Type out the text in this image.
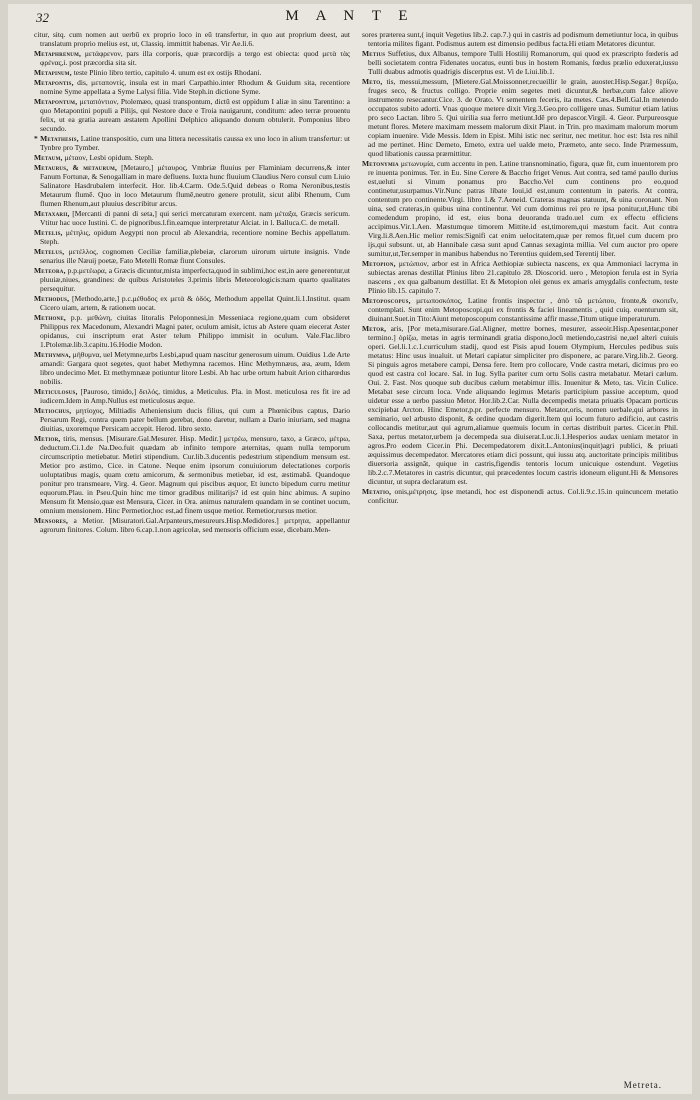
32	M A N T E

citur, sitq. cum nomen aut uerbū ex proprio loco in eū transfertur, in quo aut proprium deest, aut translatum proprio melius est, ut, Classiq. immittit habenas. Vir Ae.li.6.

Metaphrenum, μετάφρενον, pars illa corporis, quæ præcordijs a tergo est obiecta: quod μετὰ τὰς φρένας,i. post præcordia sita sit.

Metapinum, teste Plinio libro tertio, capitulo 4. unum est ex ostijs Rhodani.

Metapontis, dis, μεταποντίς, insula est in mari Carpathio.inter Rhodum & Guidum sita, recentiore nomine Syme appellata a Syme Lalysi filia. Vide Steph.in dictione Syme.

Metapontum, μεταπόντιον, Ptolemæo, quasi transpontum, dictū est oppidum I aliæ in sinu Tarentino: a quo Metapontini populi a Pilijs, qui Nestore duce e Troia nauigarunt, conditum: adeo terræ prouentu felix, ut ea gratia auream æstatem Apollini Delphico aliquando donum obtulerit. Pomponius libro secundo.

* Metathesis, Latine transpositio, cum una littera necessitatis caussa ex uno loco in alium transfertur: ut Tynbre pro Tymber.

Metaum, μέταον, Lesbi opidum. Steph.

Metaurus, & metaurum, [Metauro,] μέταυρος, Vmbriæ fluuius per Flaminiam decurrens,& inter Fanum Fortunæ, & Senogalliam in mare defluens. Iuxta hunc fluuium Claudius Nero consul cum Liuio Salinatore Hasdrubalem interfecit. Hor. lib.4.Carm. Ode.5.Quid debeas o Roma Neronibus,testis Metaurum flumē. Quo in loco Metaurum flumē,neutro genere protulit, sicut alibi Rhenum, Cum flumen Rhenum,aut pluuius describitur arcus.

Metaxarii, [Mercanti di panni di seta,] qui serici mercaturam exercent. nam μέταξα, Græcis sericum. Vtitur hac uoce Iustini. C. de pignoribus.l.fin.eamque interpretatur Alciat. in l. Balluca.C. de metall.

Metelis, μέτηλις, opidum Aegypti non procul ab Alexandria, recentiore nomine Bechis appellatum. Steph.

Metelus, μετέλλος, cognomen Ceciliæ familiæ,plebeiæ, clarorum uirorum uirtute insignis. Vnde senarius ille Næuij poetæ, Fato Metelli Romæ fiunt Consules.

Meteora, p.p.μετέωρα, a Græcis dicuntur,mista imperfecta,quod in sublimi,hoc est,in aere generentur,ut pluuiæ,niues, grandines: de quibus Aristoteles 3.primis libris Meteorologicis:nam quarto qualitates persequitur.

Methodus, [Methodo,arte,] p.c.μέθοδος ex μετὰ & ὁδός, Methodum appellat Quint.li.1.Institut. quam Cicero uiam, artem, & rationem uocat.

Methone, p.p. μεθώνη, ciuitas litoralis Peloponnesi,in Messeniaca regione,quam cum obsideret Philippus rex Macedonum, Alexandri Magni pater, oculum amisit, ictus ab Astere quam eiecerat Aster opidanus, cui inscriptum erat Aster telum Philippo immisit in oculum. Vale.Flac.libro 1.Ptolemæ.lib.3.capitu.16.Hodie Modon.

Methymna, μήθυμνα, uel Metymne,urbs Lesbi,apud quam nascitur generosum uinum. Ouidius 1.de Arte amandi: Gargara quot segetes, quot habet Methymna racemos. Hinc Methymnæus, æa, æum, Idem libro undecimo Met. Et methymnææ potiuntur litore Lesbi. Ab hac urbe ortum habuit Arion citharœdus nobilis.

Meticulosus, [Pauroso, timido,] δειλός, timidus, a Meticulus. Pla. in Most. meticulosa res fit ire ad iudicem.Idem in Amp.Nullus est meticulosus æque.

Metiochus, μητίοχος, Miltiadis Atheniensium ducis filius, qui cum a Phœnicibus captus, Dario Persarum Regi, contra quem pater bellum gerebat, dono daretur, nullam a Dario iniuriam, sed magna diuitias, uxoremque Persicam accepit. Herod. libro sexto.

Metior, tiris, mensus. [Misurare.Gal.Mesurer. Hisp. Medir.] μετρέω, mensuro, taxo, a Græco, μέτρω, deductum.Ci.1.de Na.Deo.fuit quædam ab infinito tempore æternitas, quam nulla temporum circumscriptio metiebatur. Metiri stipendium. Cur.lib.3.ducentis pedestrium stipendium mensum est. Metior pro æstimo, Cice. in Catone. Neque enim ipsorum conuiuiorum delectationes corporis uoluptatibus magis, quam cœtu amicorum, & sermonibus metiebar, id est, æstimabā. Quandoque ponitur pro transmeare, Virg. 4. Geor. Magnum qui piscibus æquor, Et iuncto bipedum curru metitur equorum.Plau. in Pseu.Quin hinc me timor gradibus militarijs? id est quin hinc abimus. A supino Mensum fit Mensio,quæ est Mensura, Cicer. in Ora. animus naturalem quandam in se continet uocum, omnium mensionem. Hinc Permetior,hoc est,ad finem usque metior. Remetior,rursus metior.

Mensores, a Metior. [Misuratori.Gal.Arpanteurs,mesureurs.Hisp.Medidores.] μετρητα, appellantur agrorum finitores. Colum. libro 6.cap.1.non agricolæ, sed mensoris officium esse, dicebam.Men-

sores præterea sunt,( inquit Vegetius lib.2. cap.7.) qui in castris ad podismum demetiuntur loca, in quibus tentoria milites figant. Podismus autem est dimensio pedibus facta.Hi etiam Metatores dicuntur.

Metius Suffetius, dux Albanus, tempore Tulli Hostilij Romanorum, qui quod ex præscripto fœderis ad belli societatem contra Fidenates uocatus, eunti bus in hostem Romanis, fœdus prælio eduxerat,iussu Tulli duabus admotis quadrigis discerptus est. Vi de Liui.lib.1.

Meto, tis, messui,messum, [Mietere.Gal.Moissonner,recueillir le grain, auoster.Hisp.Segar.] θερίζω, fruges seco, & fructus colligo. Proprie enim segetes meti dicuntur,& herbæ,cum falce aliove instrumento resecantur.Cice. 3. de Orato. Vt sementem feceris, ita metes. Cæs.4.Bell.Gal.In metendo occupatos subito adorti. Vnas quoque metere dixit Virg.3.Geo.pro colligere unas. Sumitur etiam latius pro seco Lactan. libro 5. Qui uirilia sua ferro metiunt.Idē pro depascor.Virgil. 4. Geor. Purpureosque metunt flores. Metere maximam messem malorum dixit Plaut. in Trin. pro maximam malorum morum copiam inuenire. Vide Messis. Idem in Epist. Mihi istic nec seritur, nec metitur. hoc est: Ista res nihil ad me pertinet. Hinc Demeto, Emeto, extra uel ualde meto, Præmeto, ante seco. Inde Præmessum, quod libationis caussa prærnittitur.

Metonymia μετωνυμία, cum accentu in pen. Latine transnominatio, figura, quæ fit, cum inuentorem pro re inuenta ponimus. Ter. in Eu. Sine Cerere & Baccho friget Venus. Aut contra, sed tamé paullo durius est,ueluti si Vinum ponamus pro Baccho.Vel cum continens pro eo,quod continetur,usurpamus.Vir.Nunc patras libate Ioui,id est,unum contentum in pateris. At contra, contentum pro continente.Virgi. libro 1.& 7.Aeneid. Crateras magnas statuunt, & uina coronant. Non uina, sed crateras,in quibus uina continentur. Vel cum dominus rei pro re ipsa ponitur,ut,Hunc tibi comedendum propino, id est, eius bona deuoranda trado.uel cum ex effectu efficiens accipimus.Vir.1.Aen. Mæstumque timorem Mittite.id est,timorem,qui mæstum facit. Aut contra Virg.li.8.Aen.Hic melior remis:Signifi cat enim uelocitatem,quæ per remos fit,uel cum ducem pro ijs,qui subsunt. ut, ab Hannibale cæsa sunt apud Cannas sexaginta millia. Vel cum auctor pro opere sumitur,ut,Ter.semper in manibus habendus no Terentius quidem,sed Terentij liber.

Metopion, μετώπιον, arbor est in Africa Aethiopiæ subiecta nascens, ex qua Ammoniaci lacryma in subiectas arenas destillat Plinius libro 21.capitulo 28. Dioscorid. uero , Metopion ferula est in Syria nascens , ex qua galbanum destillat. Et & Metopion olei genus ex amaris amygdalis confectum, teste Plinio lib.15. capitulo 7.

Metoposcopus, μετωποσκόπος, Latine frontis inspector , ἀπὸ τῶ μετώπου, fronte,& σκοπεῖν, contemplati. Sunt enim Metoposcopi,qui ex frontis & faciei lineamentis , quid cuiq. euenturum sit, diuinant.Suet.in Tito:Aiunt metoposcopum constantissime affir masse,Titum utique imperaturum.

Metor, aris, [Por meta,misurare.Gal.Aligner, mettre bornes, mesurer, asseoir.Hisp.Apesentar,poner termino.] ὁρίζω, metas in agris terminandi gratia dispono,locū metiendo,castrisi ne,uel alteri cuiuis operi. Gel.li.1.c.1.curriculum stadij, quod est Pisis apud Iouem Olympium, Hercules pedibus suis metatus: Hinc usus inualuit. ut Metari capiatur simpliciter pro disponere, ac parare.Virg.lib.2. Georg. Si pinguis agros metabere campi, Densa fere. Item pro collocare, Vnde castra metari, dicimus pro eo quod est castra col locare. Sal. in Iug. Sylla pariter cum ortu Solis castra metabatur. Metari cælum. Oui. 2. Fast. Nos quoque sub ducibus cælum metabimur illis. Inuenitur & Meto, tas. Vir.in Culice. Metabat sese circum loca. Vnde aliquando legimus Metaris participium passiue acceptum, quod uidetur esse a uerbo passiuo Metor. Hor.lib.2.Car. Nulla decempedis metata priuatis Opacam porticus excipiebat Arcton. Hinc Emetor,p.pr. perfecte mensuro. Metator,oris, nomen uerbale,qui arbores in seminario, uel arbusto disponit, & ordine quodam digerit.Item qui locum futuro ædificio, aut castris collocandis metitur,aut qui agrum,aliamue quemuis locum in certas distribuit partes. Cicer.in Phil. Saxa, pertus metator,urbem ja decempeda sua diuiserat.Luc.li.1.Hesperios audax ueniam metator in agros.Pro eodem Cicer.in Phi. Decempedatorem dixit.L.Antonius(inquit)agri publici, & priuati æquissimus decempedator. Mercatores etiam dici possunt, qui iussu atq. auctoritate principis militibus diuersoria assignāt, quique in castris,figendis tentoris locum unicuique ostendunt. Vegetius lib.2.c.7.Metatores in castris dicuntur, qui præcedentes locum castris idoneum eligunt.Hi & Mensores dicuntur, ut supra declaratum est.

Metatio, onis,μέτρησις, ipse metandi, hoc est disponendi actus. Col.li.9.c.15.in quincuncem metatio conficitur.

Metreta.
